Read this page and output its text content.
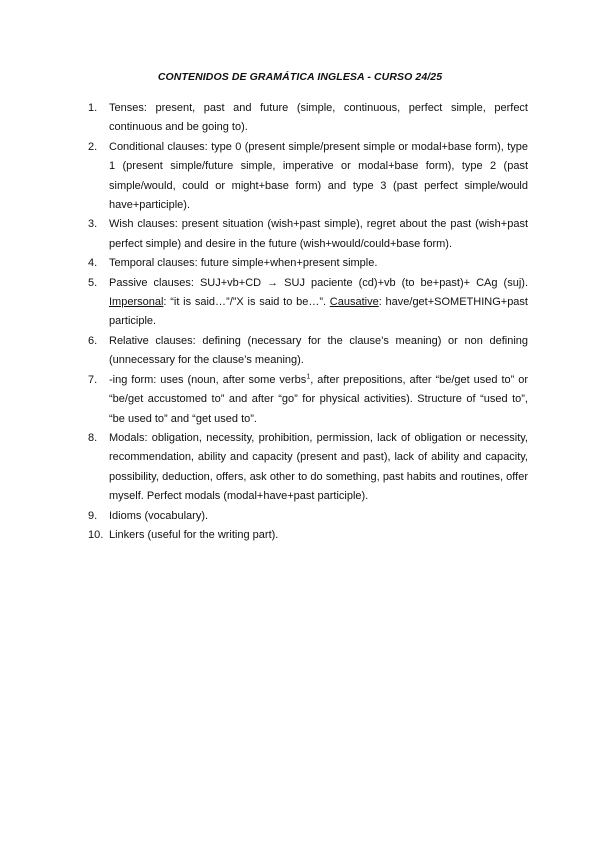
CONTENIDOS DE GRAMÁTICA INGLESA - CURSO 24/25
1.	Tenses: present, past and future (simple, continuous, perfect simple, perfect continuous and be going to).
2.	Conditional clauses: type 0 (present simple/present simple or modal+base form), type 1 (present simple/future simple, imperative or modal+base form), type 2 (past simple/would, could or might+base form) and type 3 (past perfect simple/would have+participle).
3.	Wish clauses: present situation (wish+past simple), regret about the past (wish+past perfect simple) and desire in the future (wish+would/could+base form).
4.	Temporal clauses: future simple+when+present simple.
5.	Passive clauses: SUJ+vb+CD → SUJ paciente (cd)+vb (to be+past)+ CAg (suj). Impersonal: “it is said…”/”X is said to be…”. Causative: have/get+SOMETHING+past participle.
6.	Relative clauses: defining (necessary for the clause’s meaning) or non defining (unnecessary for the clause’s meaning).
7.	-ing form: uses (noun, after some verbs$^1$, after prepositions, after “be/get used to” or “be/get accustomed to” and after “go” for physical activities). Structure of “used to”, “be used to” and “get used to”.
8.	Modals: obligation, necessity, prohibition, permission, lack of obligation or necessity, recommendation, ability and capacity (present and past), lack of ability and capacity, possibility, deduction, offers, ask other to do something, past habits and routines, offer myself. Perfect modals (modal+have+past participle).
9.	Idioms (vocabulary).
10. Linkers (useful for the writing part).
